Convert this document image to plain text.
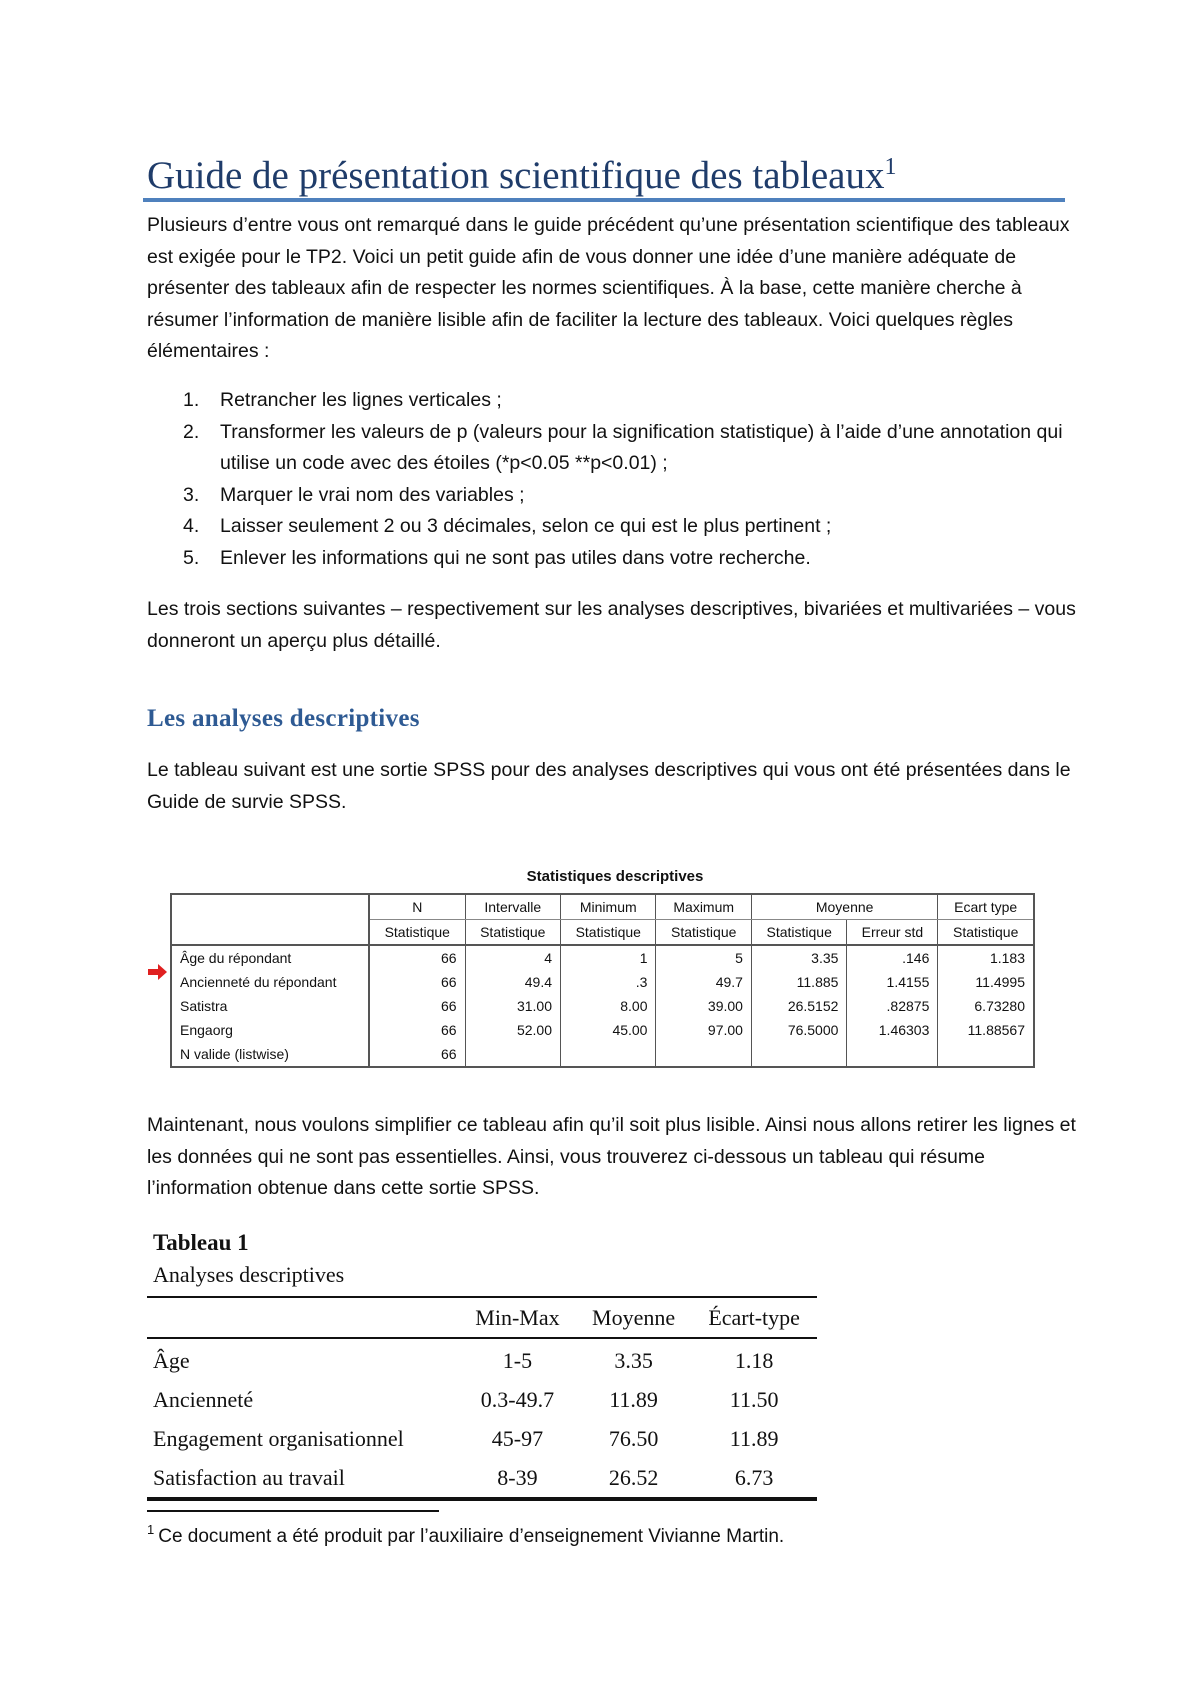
Guide de présentation scientifique des tableaux$^1$

Plusieurs d’entre vous ont remarqué dans le guide précédent qu’une présentation scientifique des tableaux est exigée pour le TP2. Voici un petit guide afin de vous donner une idée d’une manière adéquate de présenter des tableaux afin de respecter les normes scientifiques. À la base, cette manière cherche à résumer l’information de manière lisible afin de faciliter la lecture des tableaux. Voici quelques règles élémentaires :

1. Retrancher les lignes verticales ;
2. Transformer les valeurs de p (valeurs pour la signification statistique) à l’aide d’une annotation qui utilise un code avec des étoiles (*p<0.05 **p<0.01) ;
3. Marquer le vrai nom des variables ;
4. Laisser seulement 2 ou 3 décimales, selon ce qui est le plus pertinent ;
5. Enlever les informations qui ne sont pas utiles dans votre recherche.

Les trois sections suivantes – respectivement sur les analyses descriptives, bivariées et multivariées – vous donneront un aperçu plus détaillé.

Les analyses descriptives

Le tableau suivant est une sortie SPSS pour des analyses descriptives qui vous ont été présentées dans le Guide de survie SPSS.

Statistiques descriptives
	N	Intervalle	Minimum	Maximum	Moyenne		Ecart type
	Statistique	Statistique	Statistique	Statistique	Statistique	Erreur std	Statistique
Âge du répondant	66	4	1	5	3.35	.146	1.183
Ancienneté du répondant	66	49.4	.3	49.7	11.885	1.4155	11.4995
Satistra	66	31.00	8.00	39.00	26.5152	.82875	6.73280
Engaorg	66	52.00	45.00	97.00	76.5000	1.46303	11.88567
N valide (listwise)	66						

Maintenant, nous voulons simplifier ce tableau afin qu’il soit plus lisible. Ainsi nous allons retirer les lignes et les données qui ne sont pas essentielles. Ainsi, vous trouverez ci-dessous un tableau qui résume l’information obtenue dans cette sortie SPSS.

Tableau 1
Analyses descriptives
	Min-Max	Moyenne	Écart-type
Âge	1-5	3.35	1.18
Ancienneté	0.3-49.7	11.89	11.50
Engagement organisationnel	45-97	76.50	11.89
Satisfaction au travail	8-39	26.52	6.73

$^1$ Ce document a été produit par l’auxiliaire d’enseignement Vivianne Martin.
